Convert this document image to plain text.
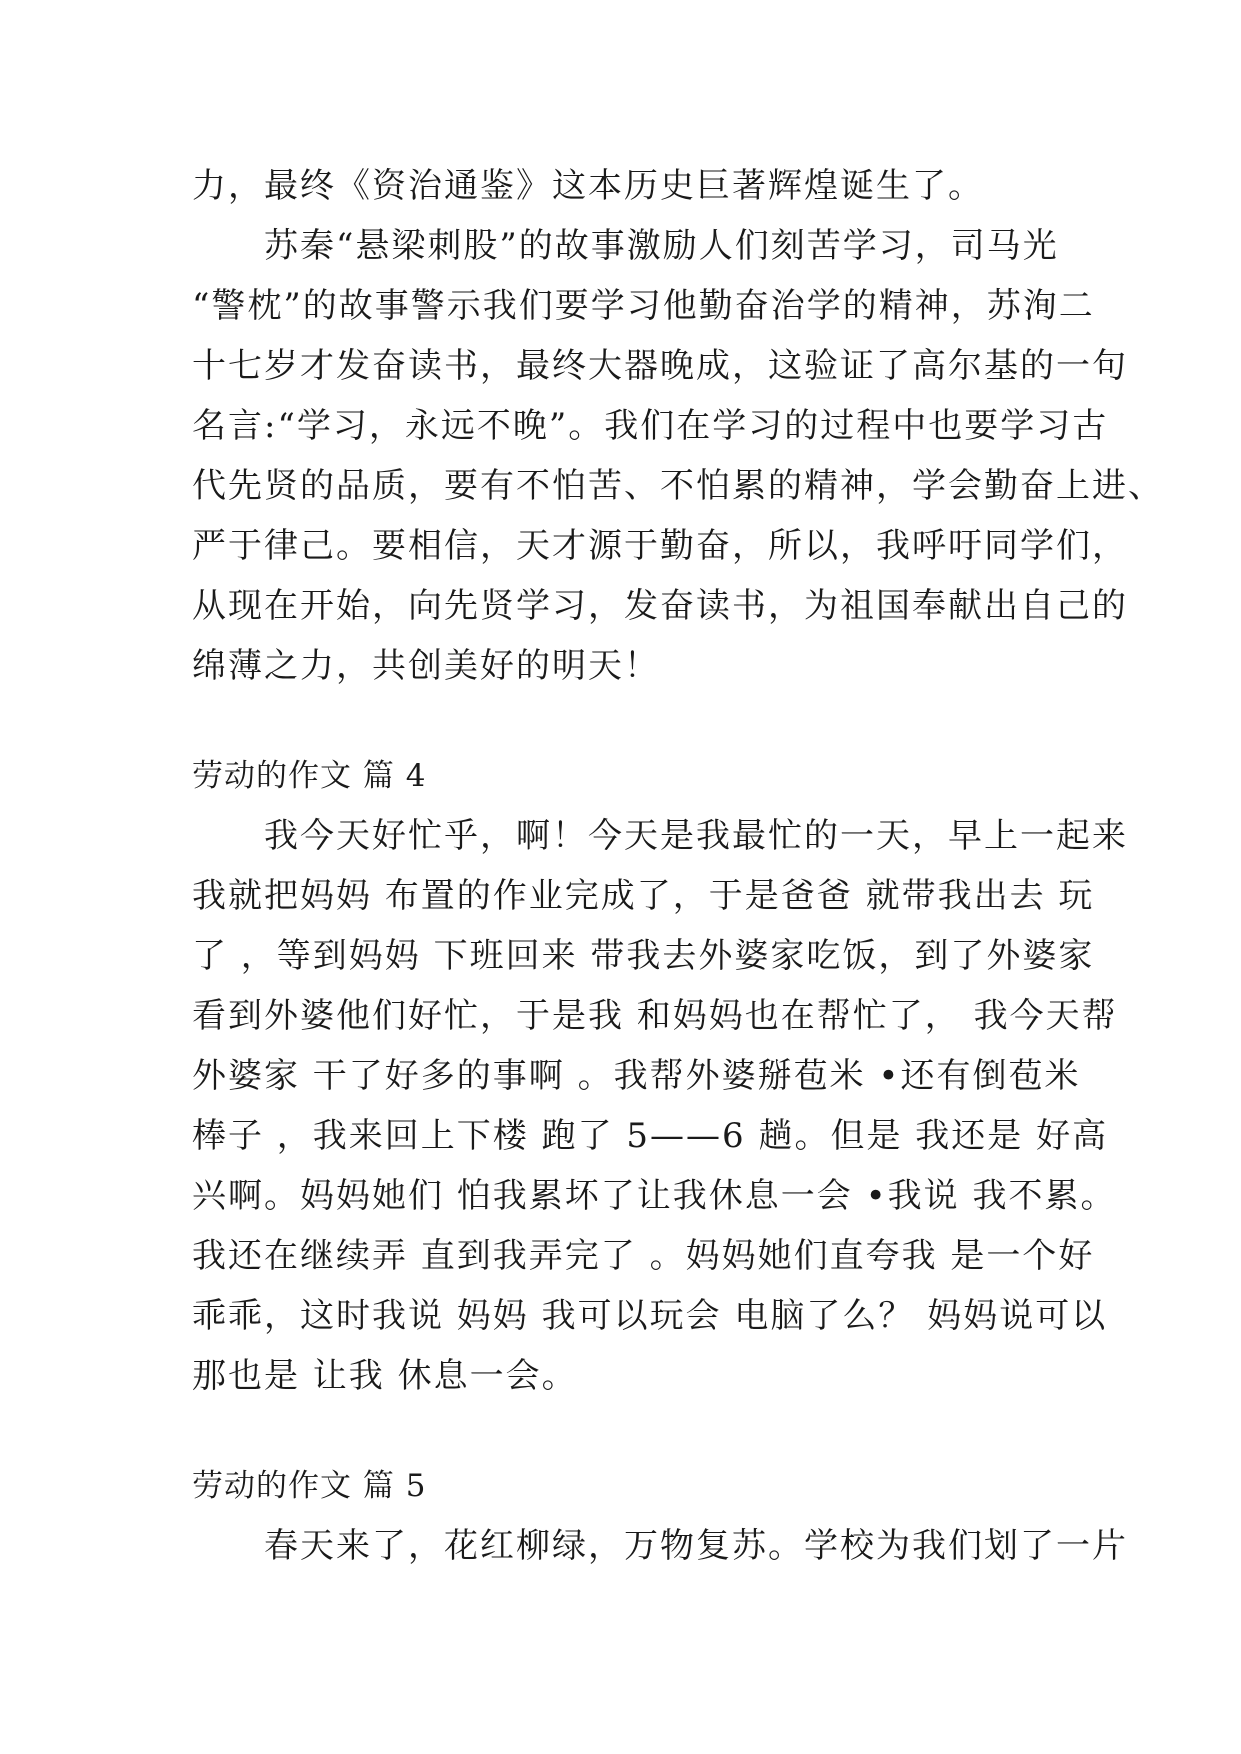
力，最终《资治通鉴》这本历史巨著辉煌诞生了。
　　苏秦“悬梁刺股”的故事激励人们刻苦学习，司马光
“警枕”的故事警示我们要学习他勤奋治学的精神，苏洵二
十七岁才发奋读书，最终大器晚成，这验证了高尔基的一句
名言:“学习，永远不晚”。我们在学习的过程中也要学习古
代先贤的品质，要有不怕苦、不怕累的精神，学会勤奋上进、
严于律己。要相信，天才源于勤奋，所以，我呼吁同学们，
从现在开始，向先贤学习，发奋读书，为祖国奉献出自己的
绵薄之力，共创美好的明天！
劳动的作文 篇 4
　　我今天好忙乎，啊！今天是我最忙的一天，早上一起来
我就把妈妈 布置的作业完成了，于是爸爸 就带我出去 玩
了 ，等到妈妈 下班回来 带我去外婆家吃饭，到了外婆家
看到外婆他们好忙，于是我 和妈妈也在帮忙了， 我今天帮
外婆家 干了好多的事啊 。我帮外婆掰苞米 •还有倒苞米
棒子 ，我来回上下楼 跑了 5——6 趟。但是 我还是 好高
兴啊。妈妈她们 怕我累坏了让我休息一会 •我说 我不累。
我还在继续弄 直到我弄完了 。妈妈她们直夸我 是一个好
乖乖，这时我说 妈妈 我可以玩会 电脑了么？ 妈妈说可以
那也是 让我 休息一会。
劳动的作文 篇 5
　　春天来了，花红柳绿，万物复苏。学校为我们划了一片
